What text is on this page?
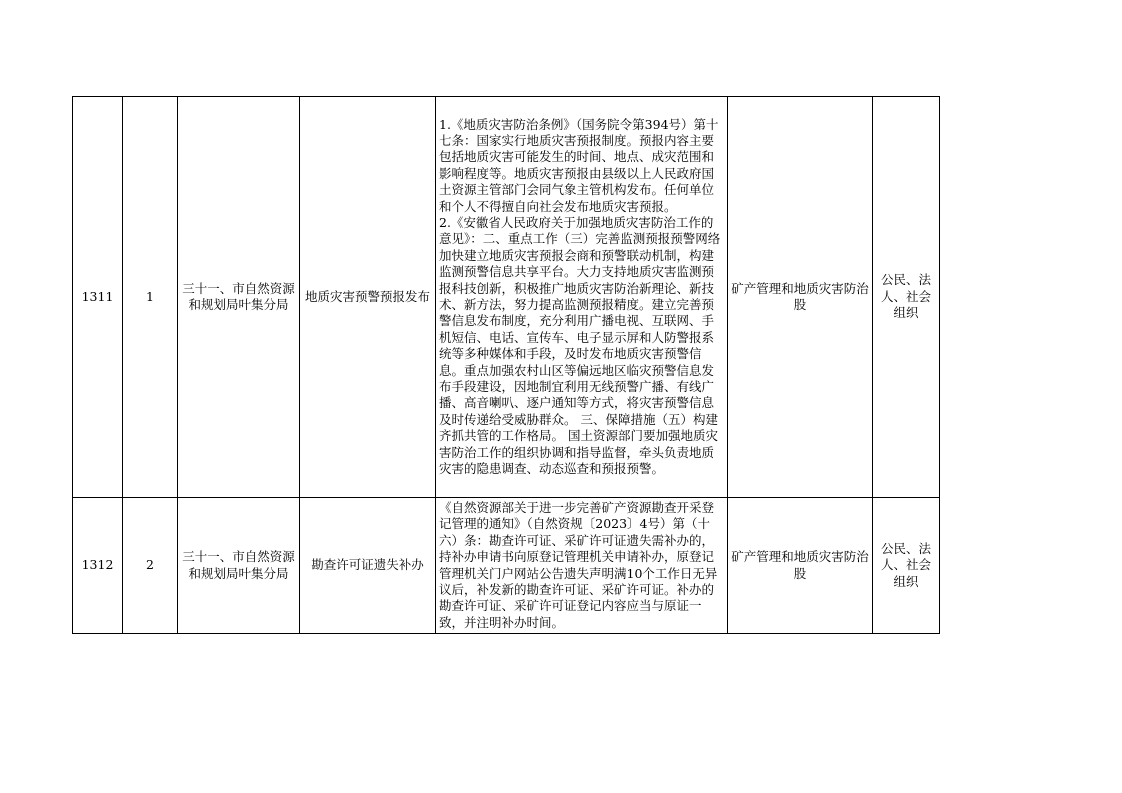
1311	1	三十一、市自然资源和规划局叶集分局	地质灾害预警预报发布	1.《地质灾害防治条例》（国务院令第394号）第十七条：国家实行地质灾害预报制度。预报内容主要包括地质灾害可能发生的时间、地点、成灾范围和影响程度等。地质灾害预报由县级以上人民政府国土资源主管部门会同气象主管机构发布。任何单位和个人不得擅自向社会发布地质灾害预报。
2.《安徽省人民政府关于加强地质灾害防治工作的意见》：二、重点工作（三）完善监测预报预警网络 加快建立地质灾害预报会商和预警联动机制，构建监测预警信息共享平台。大力支持地质灾害监测预报科技创新，积极推广地质灾害防治新理论、新技术、新方法，努力提高监测预报精度。建立完善预警信息发布制度，充分利用广播电视、互联网、手机短信、电话、宣传车、电子显示屏和人防警报系统等多种媒体和手段，及时发布地质灾害预警信息。重点加强农村山区等偏远地区临灾预警信息发布手段建设，因地制宜利用无线预警广播、有线广播、高音喇叭、逐户通知等方式，将灾害预警信息及时传递给受威胁群众。 三、保障措施（五）构建齐抓共管的工作格局。 国土资源部门要加强地质灾害防治工作的组织协调和指导监督，牵头负责地质灾害的隐患调查、动态巡查和预报预警。	矿产管理和地质灾害防治股	公民、法人、社会组织
1312	2	三十一、市自然资源和规划局叶集分局	勘查许可证遗失补办	《自然资源部关于进一步完善矿产资源勘查开采登记管理的通知》（自然资规〔2023〕4号）第（十六）条：勘查许可证、采矿许可证遗失需补办的，持补办申请书向原登记管理机关申请补办，原登记管理机关门户网站公告遗失声明满10个工作日无异议后，补发新的勘查许可证、采矿许可证。补办的勘查许可证、采矿许可证登记内容应当与原证一致，并注明补办时间。	矿产管理和地质灾害防治股	公民、法人、社会组织
